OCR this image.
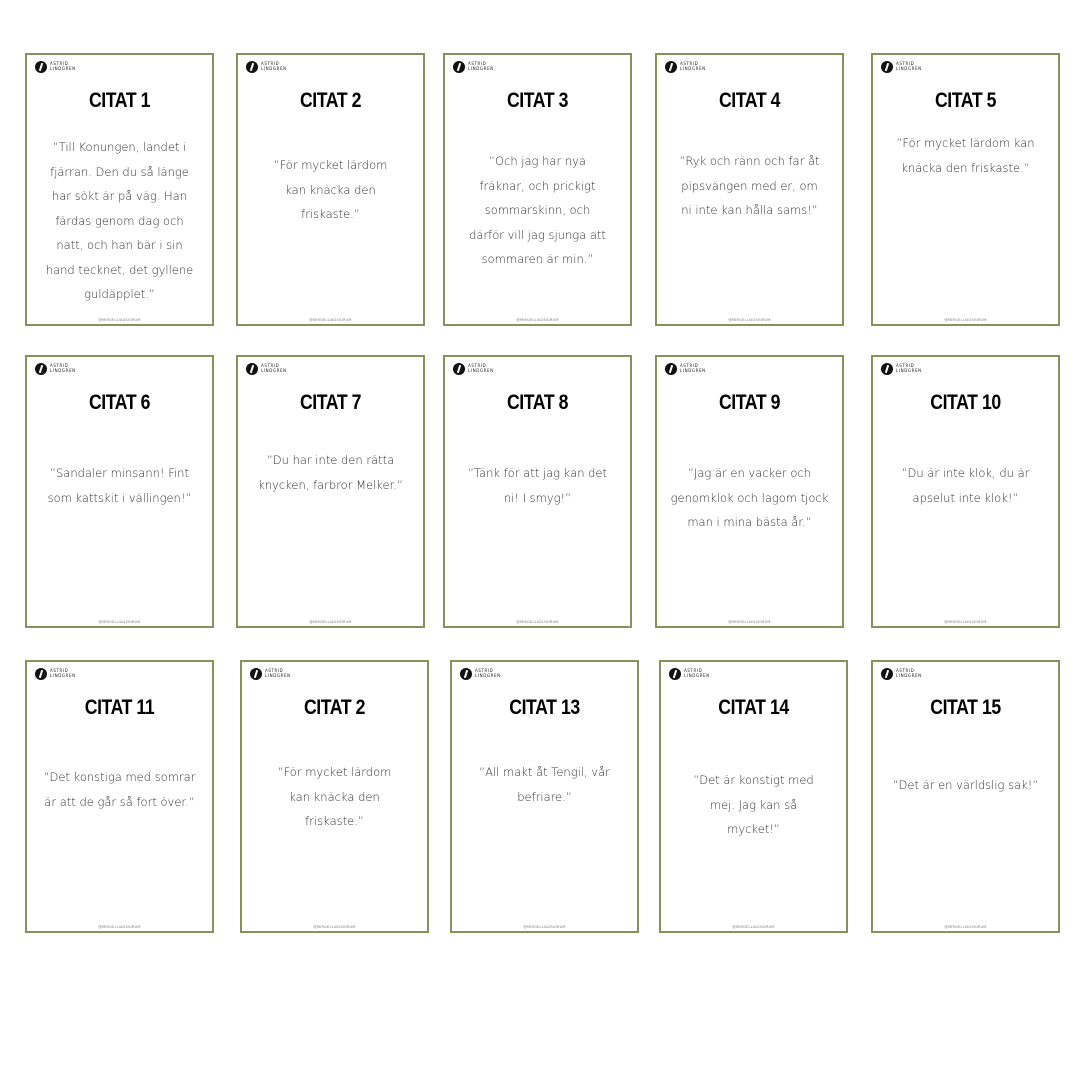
ASTRID
LINDGREN
CITAT 1
”Till Konungen, landet i fjärran. Den du så länge har sökt är på väg. Han färdas genom dag och natt, och han bär i sin hand tecknet, det gyllene guldäpplet.”
@MIRGELLIAGSIGRUM
ASTRID
LINDGREN
CITAT 2
”För mycket lärdom kan knäcka den friskaste.”
@MIRGELLIAGSIGRUM
ASTRID
LINDGREN
CITAT 3
”Och jag har nya fräknar, och prickigt sommarskinn, och därför vill jag sjunga att sommaren är min.”
@MIRGELLIAGSIGRUM
ASTRID
LINDGREN
CITAT 4
”Ryk och ränn och far åt pipsvängen med er, om ni inte kan hålla sams!”
@MIRGELLIAGSIGRUM
ASTRID
LINDGREN
CITAT 5
”För mycket lärdom kan knäcka den friskaste.”
@MIRGELLIAGSIGRUM
ASTRID
LINDGREN
CITAT 6
”Sandaler minsann! Fint som kattskit i vällingen!”
@MIRGELLIAGSIGRUM
ASTRID
LINDGREN
CITAT 7
”Du har inte den rätta knycken, farbror Melker.”
@MIRGELLIAGSIGRUM
ASTRID
LINDGREN
CITAT 8
”Tänk för att jag kan det ni! I smyg!”
@MIRGELLIAGSIGRUM
ASTRID
LINDGREN
CITAT 9
”Jag är en vacker och genomklok och lagom tjock man i mina bästa år.”
@MIRGELLIAGSIGRUM
ASTRID
LINDGREN
CITAT 10
”Du är inte klok, du är apselut inte klok!”
@MIRGELLIAGSIGRUM
ASTRID
LINDGREN
CITAT 11
”Det konstiga med somrar är att de går så fort över.”
@MIRGELLIAGSIGRUM
ASTRID
LINDGREN
CITAT 2
”För mycket lärdom kan knäcka den friskaste.”
@MIRGELLIAGSIGRUM
ASTRID
LINDGREN
CITAT 13
”All makt åt Tengil, vår befriare.”
@MIRGELLIAGSIGRUM
ASTRID
LINDGREN
CITAT 14
”Det är konstigt med mej. Jag kan så mycket!”
@MIRGELLIAGSIGRUM
ASTRID
LINDGREN
CITAT 15
”Det är en världslig sak!”
@MIRGELLIAGSIGRUM
